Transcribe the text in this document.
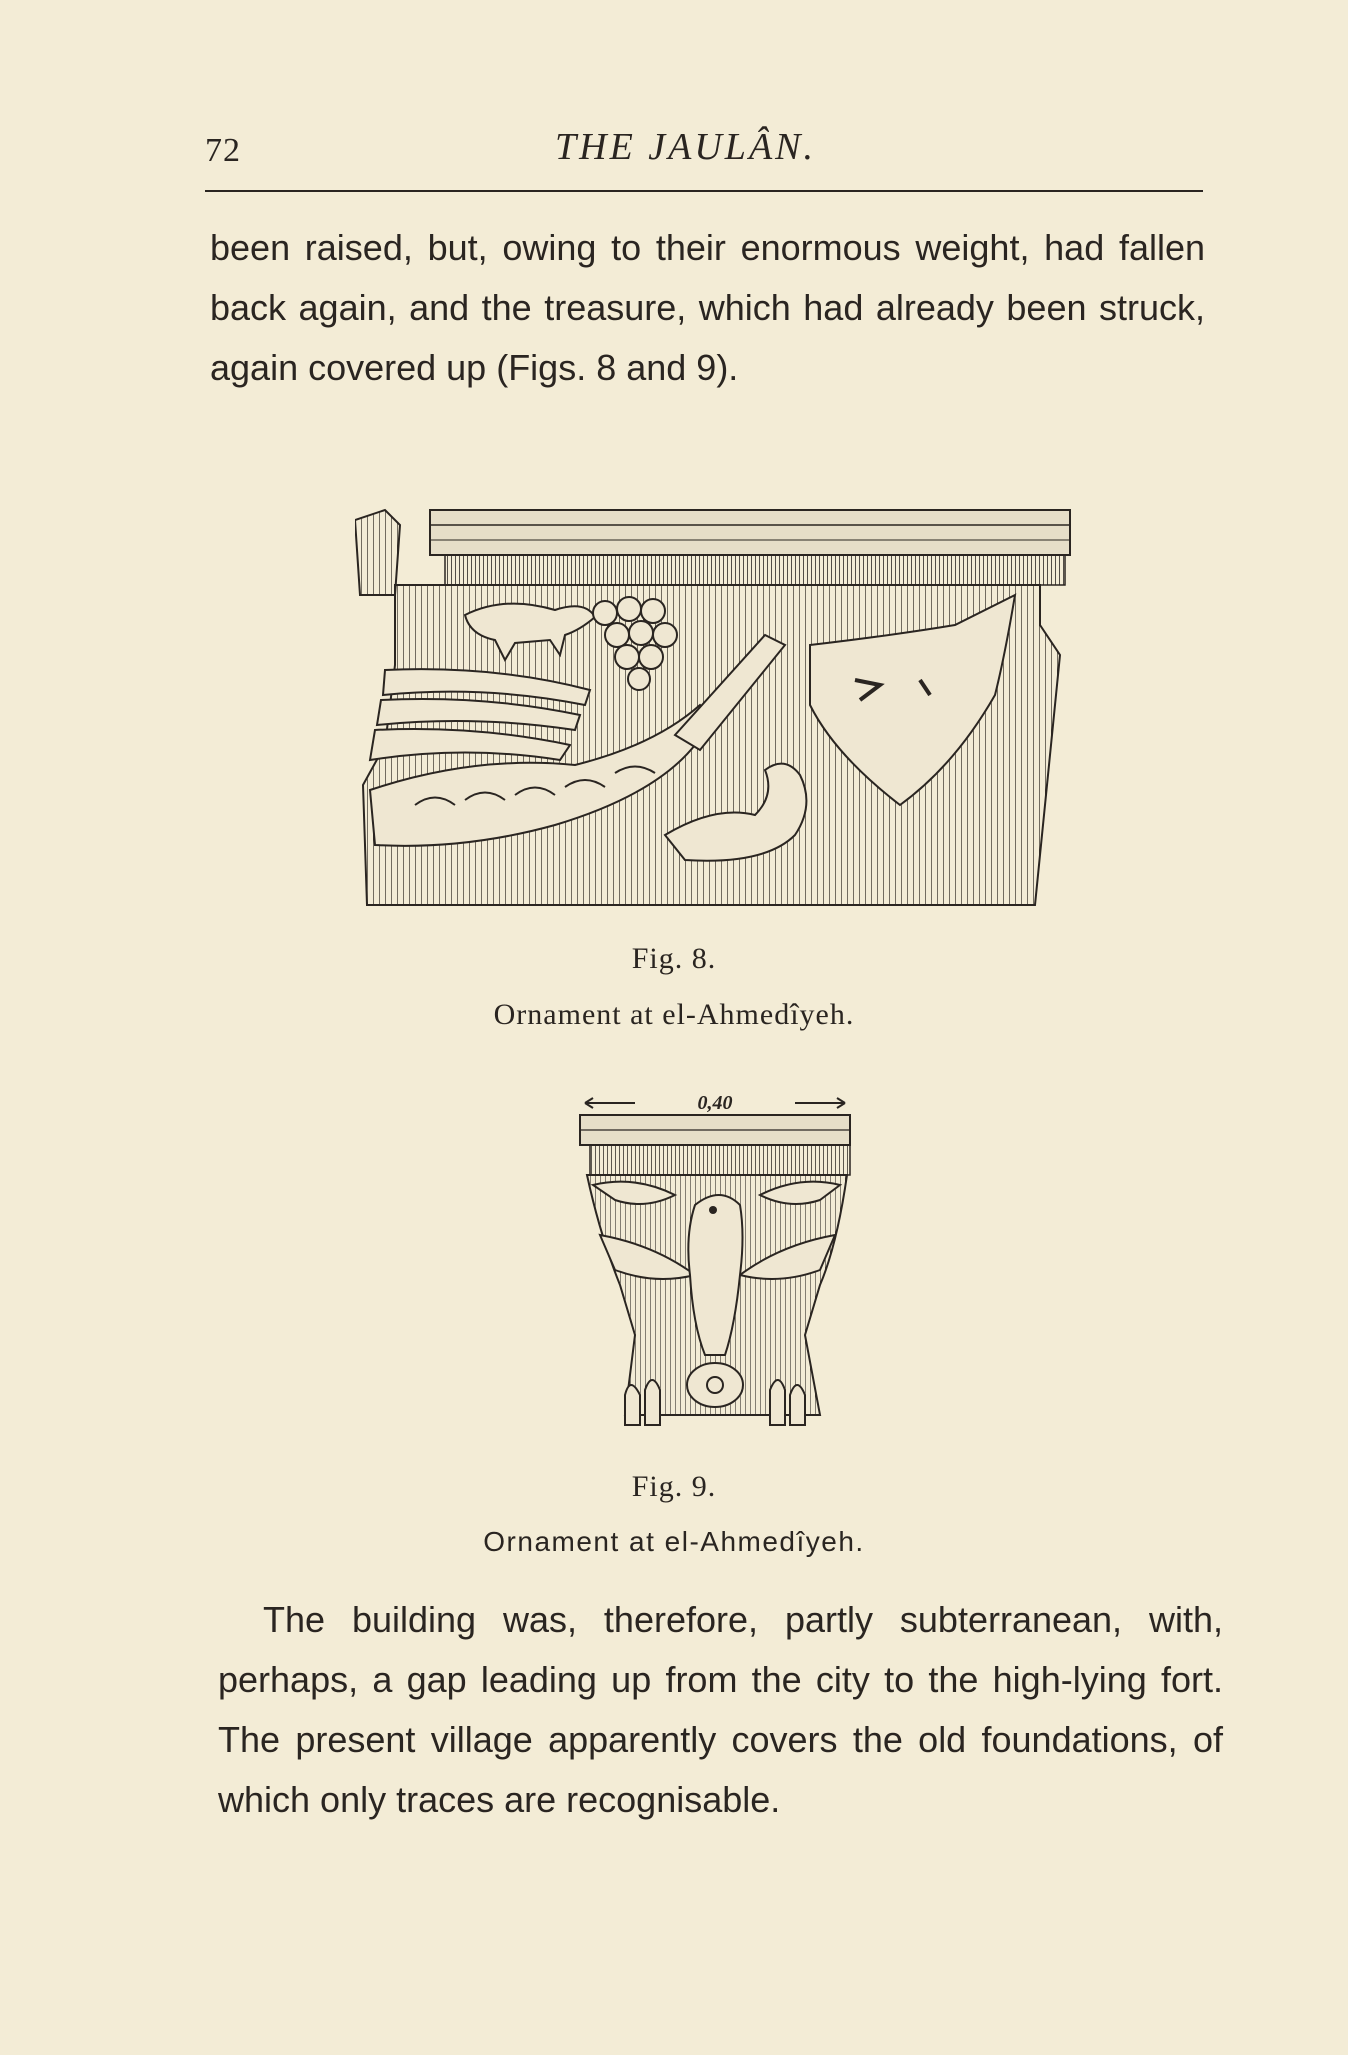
72	THE JAULÂN.

been raised, but, owing to their enormous weight, had fallen back again, and the treasure, which had already been struck, again covered up (Figs. 8 and 9).

Fig. 8.
Ornament at el-Ahmedîyeh.
0,40
Fig. 9.
Ornament at el-Ahmedîyeh.

The building was, therefore, partly subterranean, with, perhaps, a gap leading up from the city to the high-lying fort. The present village apparently covers the old foundations, of which only traces are recognisable.
